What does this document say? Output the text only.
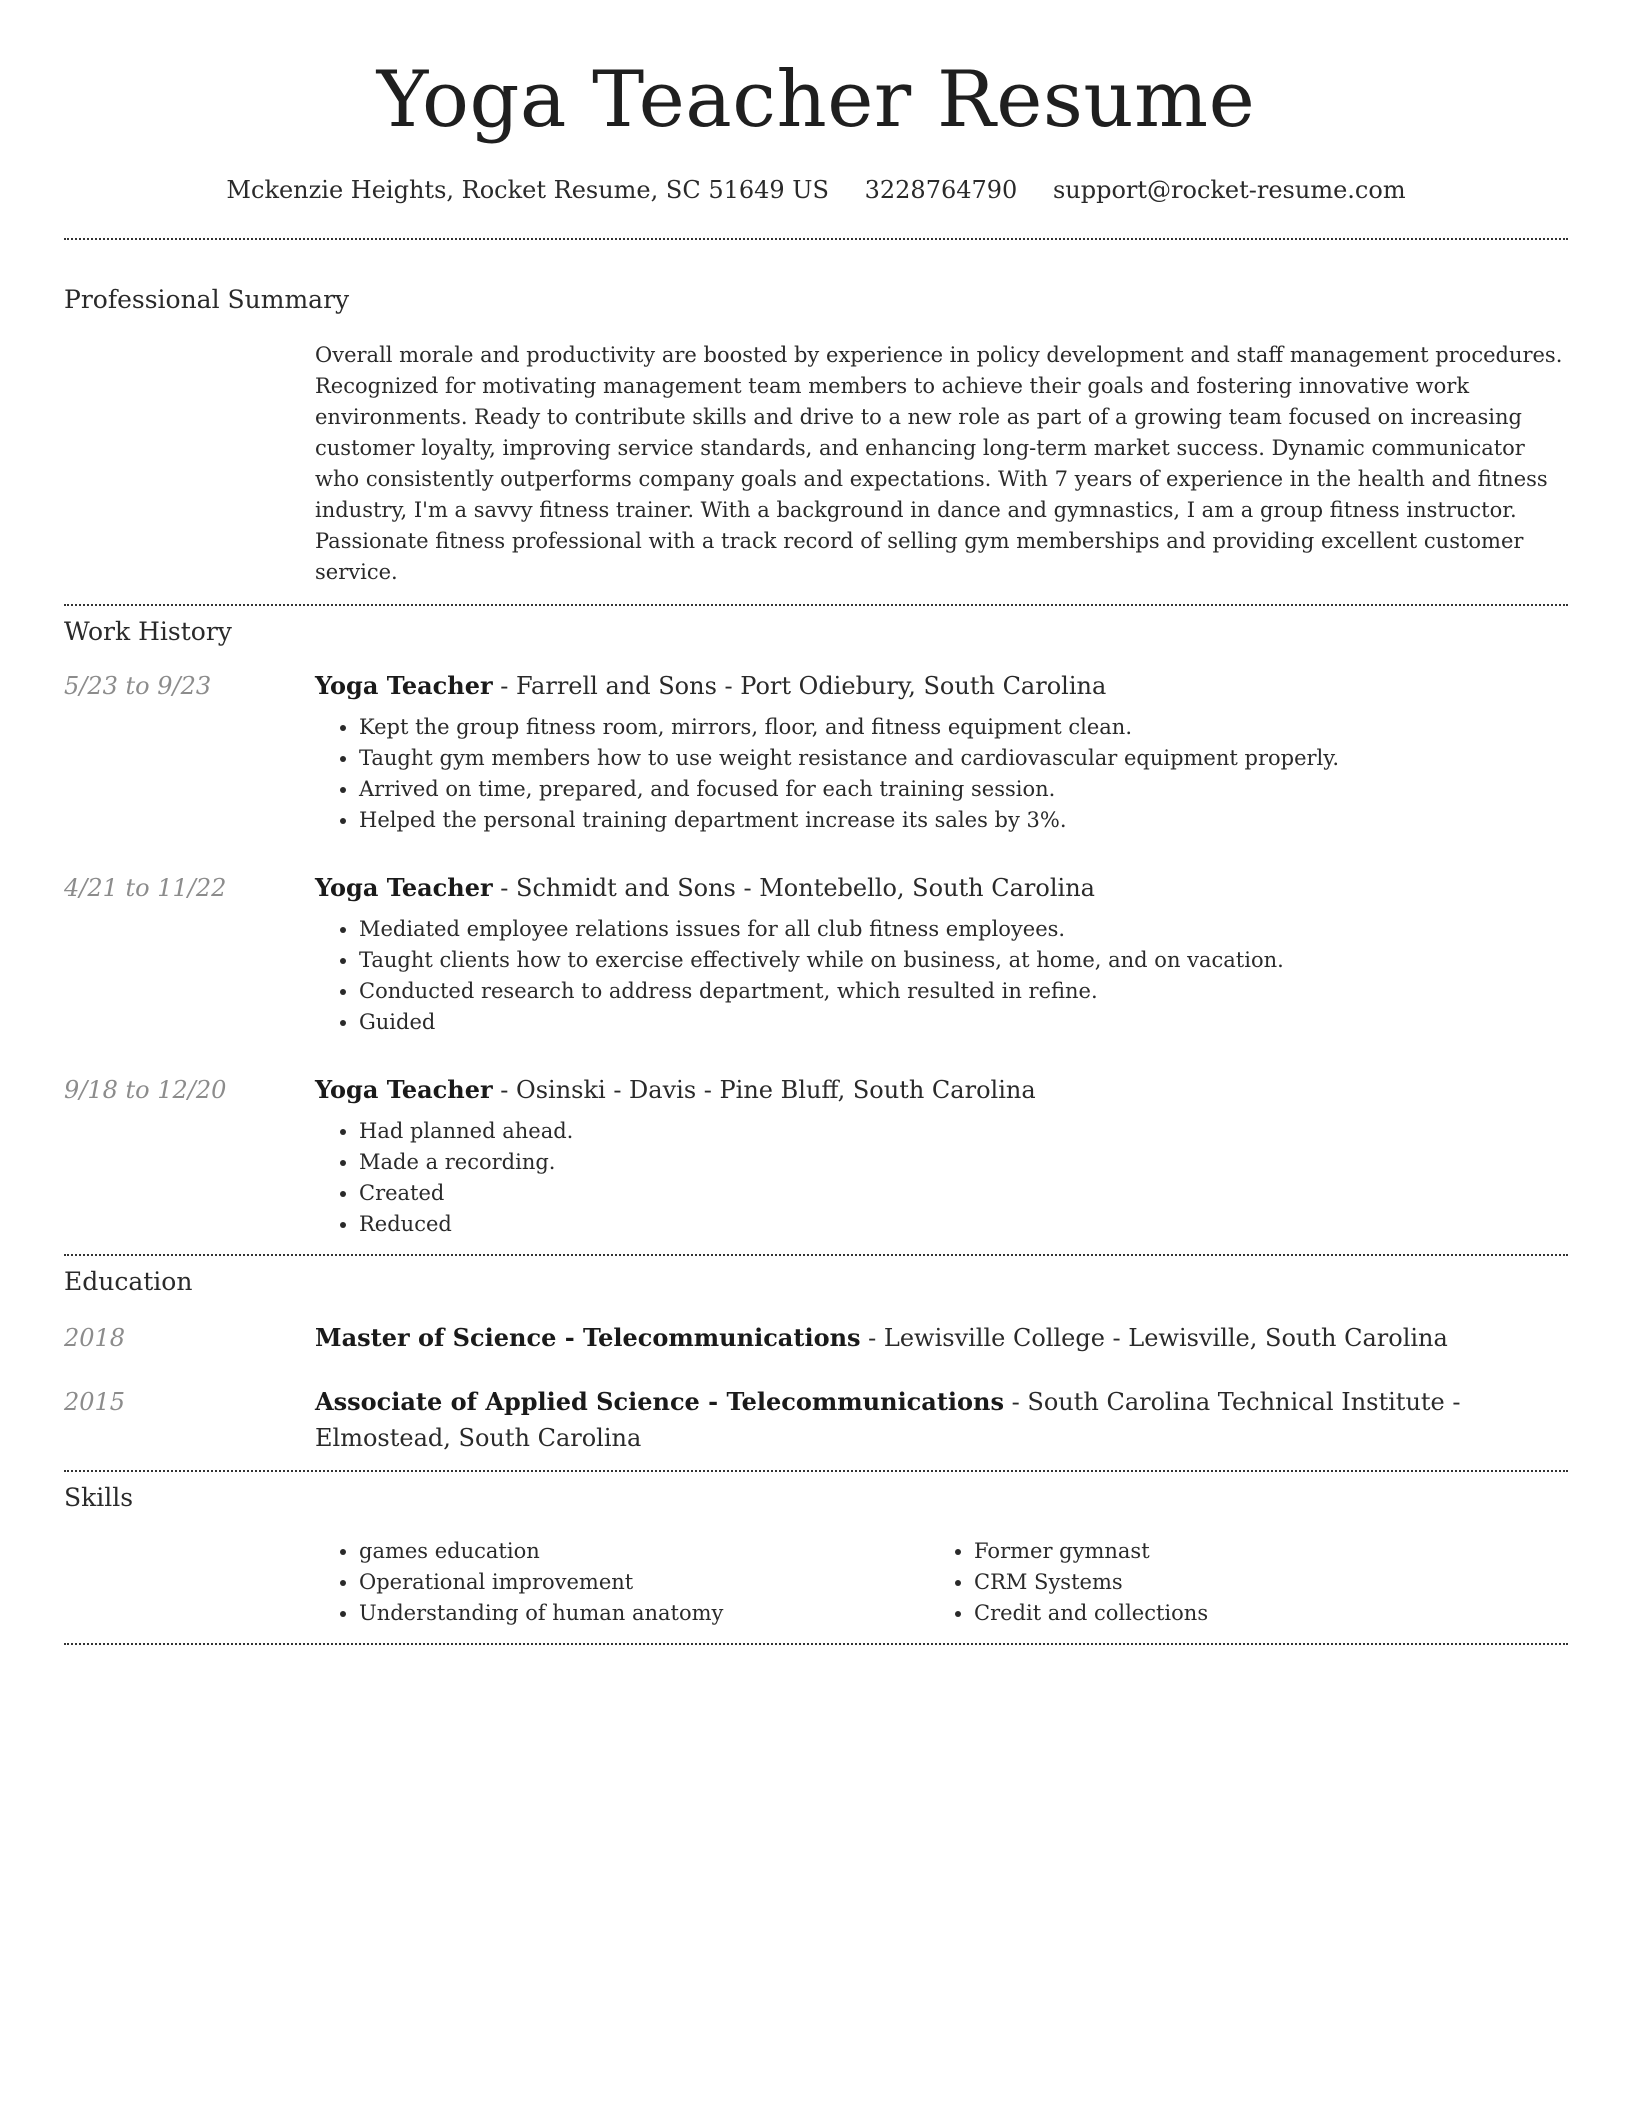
Yoga Teacher Resume
Mckenzie Heights, Rocket Resume, SC 51649 US 3228764790 support@rocket-resume.com
Professional Summary
Overall morale and productivity are boosted by experience in policy development and staff management procedures. Recognized for motivating management team members to achieve their goals and fostering innovative work environments. Ready to contribute skills and drive to a new role as part of a growing team focused on increasing customer loyalty, improving service standards, and enhancing long-term market success. Dynamic communicator who consistently outperforms company goals and expectations. With 7 years of experience in the health and fitness industry, I'm a savvy fitness trainer. With a background in dance and gymnastics, I am a group fitness instructor. Passionate fitness professional with a track record of selling gym memberships and providing excellent customer service.
Work History
5/23 to 9/23	Yoga Teacher - Farrell and Sons - Port Odiebury, South Carolina
• Kept the group fitness room, mirrors, floor, and fitness equipment clean.
• Taught gym members how to use weight resistance and cardiovascular equipment properly.
• Arrived on time, prepared, and focused for each training session.
• Helped the personal training department increase its sales by 3%.
4/21 to 11/22	Yoga Teacher - Schmidt and Sons - Montebello, South Carolina
• Mediated employee relations issues for all club fitness employees.
• Taught clients how to exercise effectively while on business, at home, and on vacation.
• Conducted research to address department, which resulted in refine.
• Guided
9/18 to 12/20	Yoga Teacher - Osinski - Davis - Pine Bluff, South Carolina
• Had planned ahead.
• Made a recording.
• Created
• Reduced
Education
2018	Master of Science - Telecommunications - Lewisville College - Lewisville, South Carolina
2015	Associate of Applied Science - Telecommunications - South Carolina Technical Institute - Elmostead, South Carolina
Skills
• games education
• Operational improvement
• Understanding of human anatomy
• Former gymnast
• CRM Systems
• Credit and collections
